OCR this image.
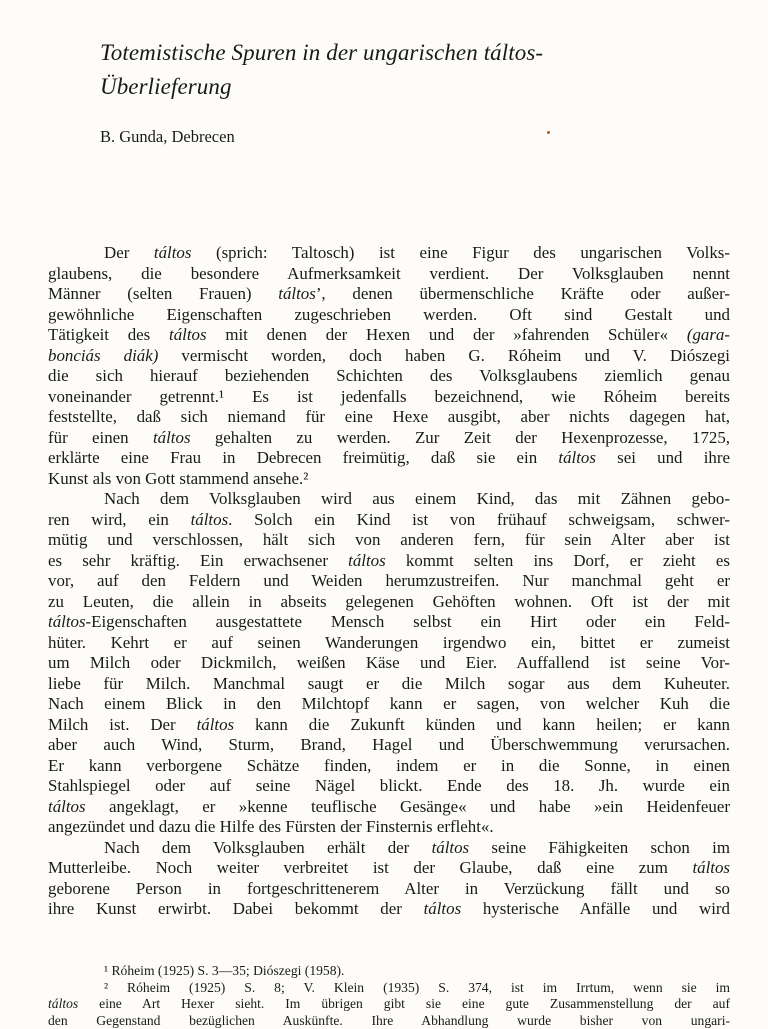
Totemistische Spuren in der ungarischen táltos-
Überlieferung
B. Gunda, Debrecen
Der táltos (sprich: Taltosch) ist eine Figur des ungarischen Volks-
glaubens, die besondere Aufmerksamkeit verdient. Der Volksglauben nennt
Männer (selten Frauen) táltos’, denen übermenschliche Kräfte oder außer-
gewöhnliche Eigenschaften zugeschrieben werden. Oft sind Gestalt und
Tätigkeit des táltos mit denen der Hexen und der »fahrenden Schüler« (gara-
bonciás diák) vermischt worden, doch haben G. Róheim und V. Diószegi
die sich hierauf beziehenden Schichten des Volksglaubens ziemlich genau
voneinander getrennt.¹ Es ist jedenfalls bezeichnend, wie Róheim bereits
feststellte, daß sich niemand für eine Hexe ausgibt, aber nichts dagegen hat,
für einen táltos gehalten zu werden. Zur Zeit der Hexenprozesse, 1725,
erklärte eine Frau in Debrecen freimütig, daß sie ein táltos sei und ihre
Kunst als von Gott stammend ansehe.²
Nach dem Volksglauben wird aus einem Kind, das mit Zähnen gebo-
ren wird, ein táltos. Solch ein Kind ist von frühauf schweigsam, schwer-
mütig und verschlossen, hält sich von anderen fern, für sein Alter aber ist
es sehr kräftig. Ein erwachsener táltos kommt selten ins Dorf, er zieht es
vor, auf den Feldern und Weiden herumzustreifen. Nur manchmal geht er
zu Leuten, die allein in abseits gelegenen Gehöften wohnen. Oft ist der mit
táltos-Eigenschaften ausgestattete Mensch selbst ein Hirt oder ein Feld-
hüter. Kehrt er auf seinen Wanderungen irgendwo ein, bittet er zumeist
um Milch oder Dickmilch, weißen Käse und Eier. Auffallend ist seine Vor-
liebe für Milch. Manchmal saugt er die Milch sogar aus dem Kuheuter.
Nach einem Blick in den Milchtopf kann er sagen, von welcher Kuh die
Milch ist. Der táltos kann die Zukunft künden und kann heilen; er kann
aber auch Wind, Sturm, Brand, Hagel und Überschwemmung verursachen.
Er kann verborgene Schätze finden, indem er in die Sonne, in einen
Stahlspiegel oder auf seine Nägel blickt. Ende des 18. Jh. wurde ein
táltos angeklagt, er »kenne teuflische Gesänge« und habe »ein Heidenfeuer
angezündet und dazu die Hilfe des Fürsten der Finsternis erfleht«.
Nach dem Volksglauben erhält der táltos seine Fähigkeiten schon im
Mutterleibe. Noch weiter verbreitet ist der Glaube, daß eine zum táltos
geborene Person in fortgeschrittenerem Alter in Verzückung fällt und so
ihre Kunst erwirbt. Dabei bekommt der táltos hysterische Anfälle und wird
¹ Róheim (1925) S. 3—35; Diószegi (1958).
² Róheim (1925) S. 8; V. Klein (1935) S. 374, ist im Irrtum, wenn sie im
táltos eine Art Hexer sieht. Im übrigen gibt sie eine gute Zusammenstellung der auf
den Gegenstand bezüglichen Auskünfte. Ihre Abhandlung wurde bisher von ungari-
